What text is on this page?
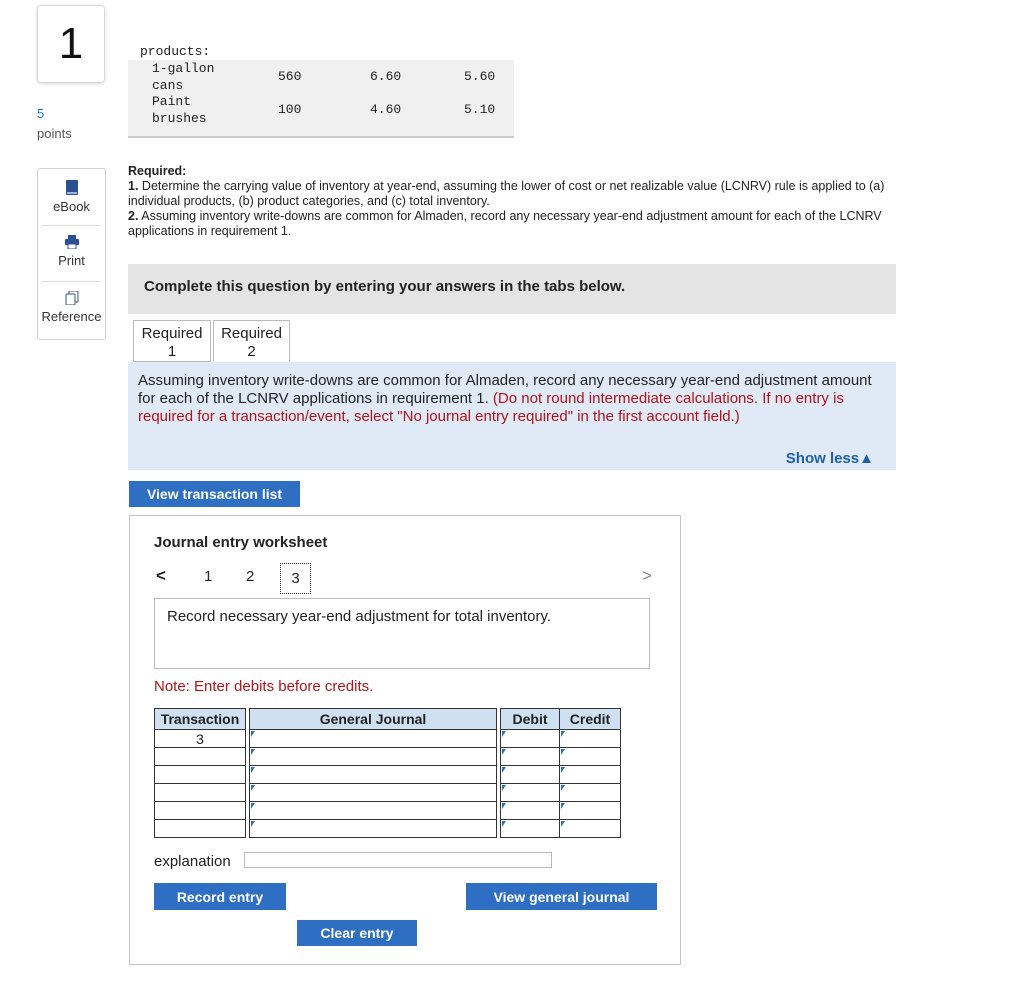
1
5
points
eBook
Print
Reference
products:
1-gallon
cans
560	6.60	5.60
Paint
brushes
100	4.60	5.10
Required:
1. Determine the carrying value of inventory at year-end, assuming the lower of cost or net realizable value (LCNRV) rule is applied to (a) individual products, (b) product categories, and (c) total inventory.
2. Assuming inventory write-downs are common for Almaden, record any necessary year-end adjustment amount for each of the LCNRV applications in requirement 1.
Complete this question by entering your answers in the tabs below.
Required
1
Required
2
Assuming inventory write-downs are common for Almaden, record any necessary year-end adjustment amount for each of the LCNRV applications in requirement 1. (Do not round intermediate calculations. If no entry is required for a transaction/event, select "No journal entry required" in the first account field.)
Show less▲
View transaction list
Journal entry worksheet
<	1 2	3	>
Record necessary year-end adjustment for total inventory.
Note: Enter debits before credits.
Transaction		General Journal		Debit	Credit
3		

explanation
Record entry
Clear entry
View general journal
